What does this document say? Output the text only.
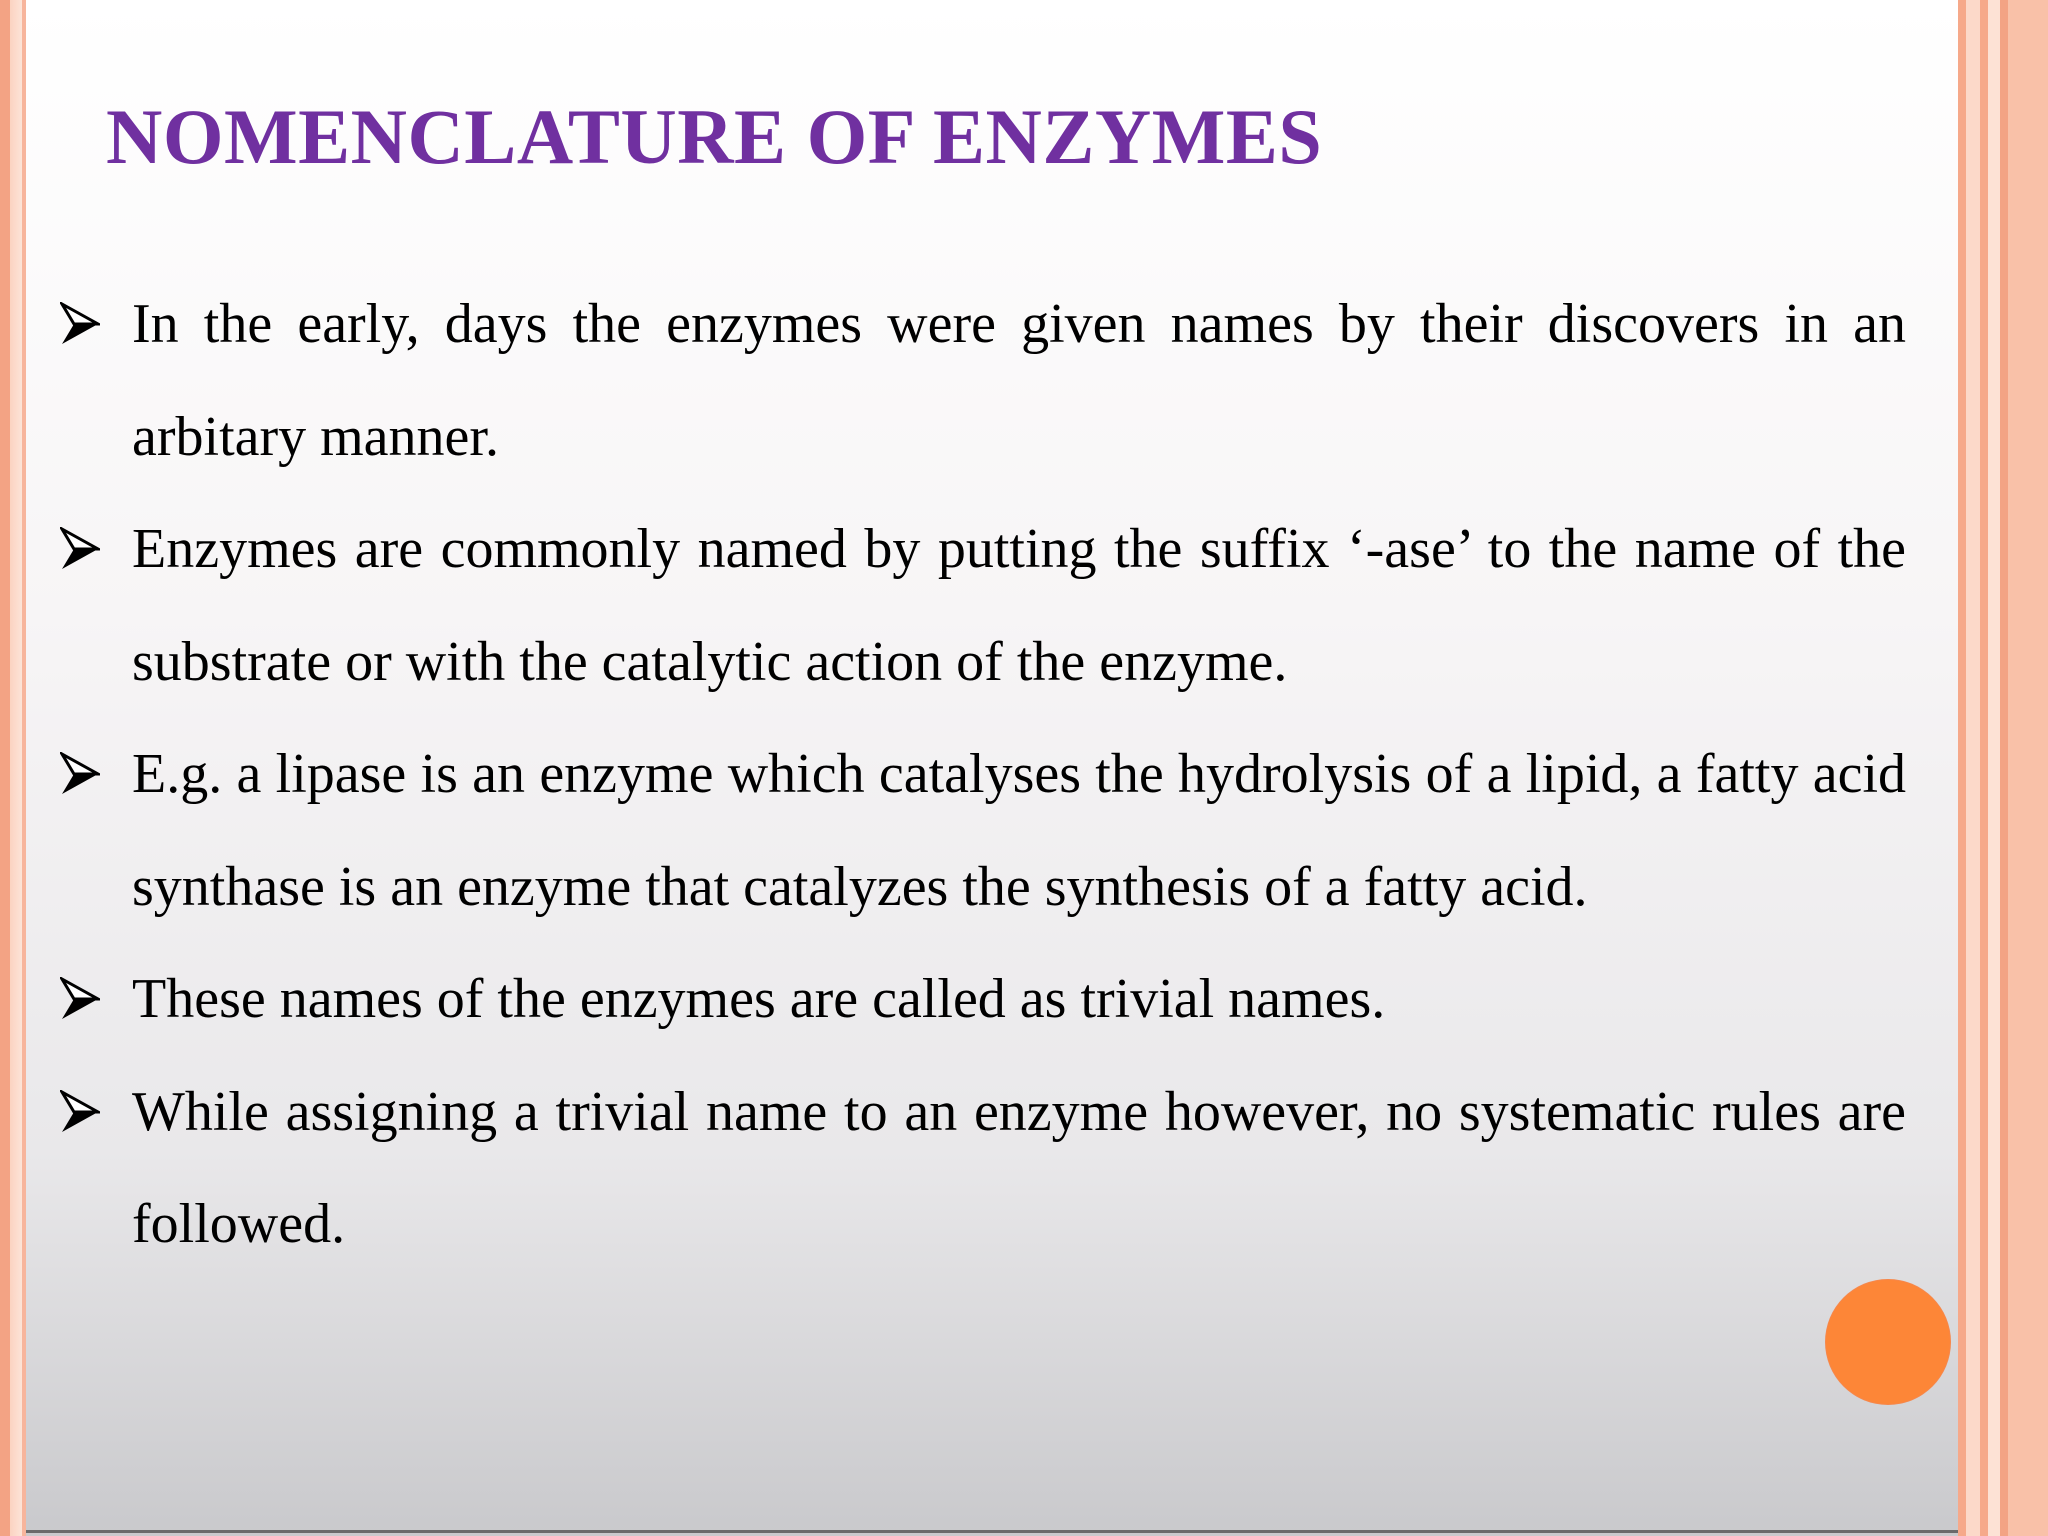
NOMENCLATURE OF ENZYMES
In the early, days the enzymes were given names by their discovers in an arbitary manner.
Enzymes are commonly named by putting the suffix ‘-ase’ to the name of the substrate or with the catalytic action of the enzyme.
E.g. a lipase is an enzyme which catalyses the hydrolysis of a lipid, a fatty acid synthase is an enzyme that catalyzes the synthesis of a fatty acid.
These names of the enzymes are called as trivial names.
While assigning a trivial name to an enzyme however, no systematic rules are followed.
